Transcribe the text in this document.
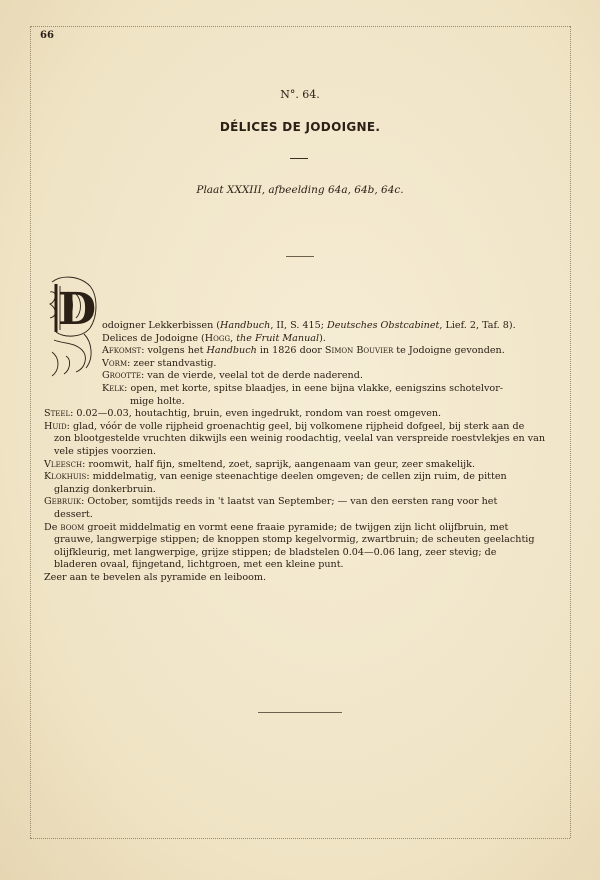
66
N°. 64.
DÉLICES DE JODOIGNE.
Plaat XXXIII, afbeelding 64a, 64b, 64c.
D odoigner Lekkerbissen (Handbuch, II, S. 415; Deutsches Obstcabinet, Lief. 2, Taf. 8).

Delices de Jodoigne (Hogg, the Fruit Manual).

Afkomst: volgens het Handbuch in 1826 door Simon Bouvier te Jodoigne gevonden.

Vorm: zeer standvastig.

Grootte: van de vierde, veelal tot de derde naderend.

Kelk: open, met korte, spitse blaadjes, in eene bijna vlakke, eenigszins schotelvor-

mige holte.

Steel: 0.02—0.03, houtachtig, bruin, even ingedrukt, rondom van roest omgeven.

Huid: glad, vóór de volle rijpheid groenachtig geel, bij volkomene rijpheid dofgeel, bij sterk aan de

zon blootgestelde vruchten dikwijls een weinig roodachtig, veelal van verspreide roestvlekjes en van

vele stipjes voorzien.

Vleesch: roomwit, half fijn, smeltend, zoet, saprijk, aangenaam van geur, zeer smakelijk.

Klokhuis: middelmatig, van eenige steenachtige deelen omgeven; de cellen zijn ruim, de pitten

glanzig donkerbruin.

Gebruik: October, somtijds reeds in 't laatst van September; — van den eersten rang voor het

dessert.

De boom groeit middelmatig en vormt eene fraaie pyramide; de twijgen zijn licht olijfbruin, met

grauwe, langwerpige stippen; de knoppen stomp kegelvormig, zwartbruin; de scheuten geelachtig

olijfkleurig, met langwerpige, grijze stippen; de bladstelen 0.04—0.06 lang, zeer stevig; de

bladeren ovaal, fijngetand, lichtgroen, met een kleine punt.

Zeer aan te bevelen als pyramide en leiboom.
